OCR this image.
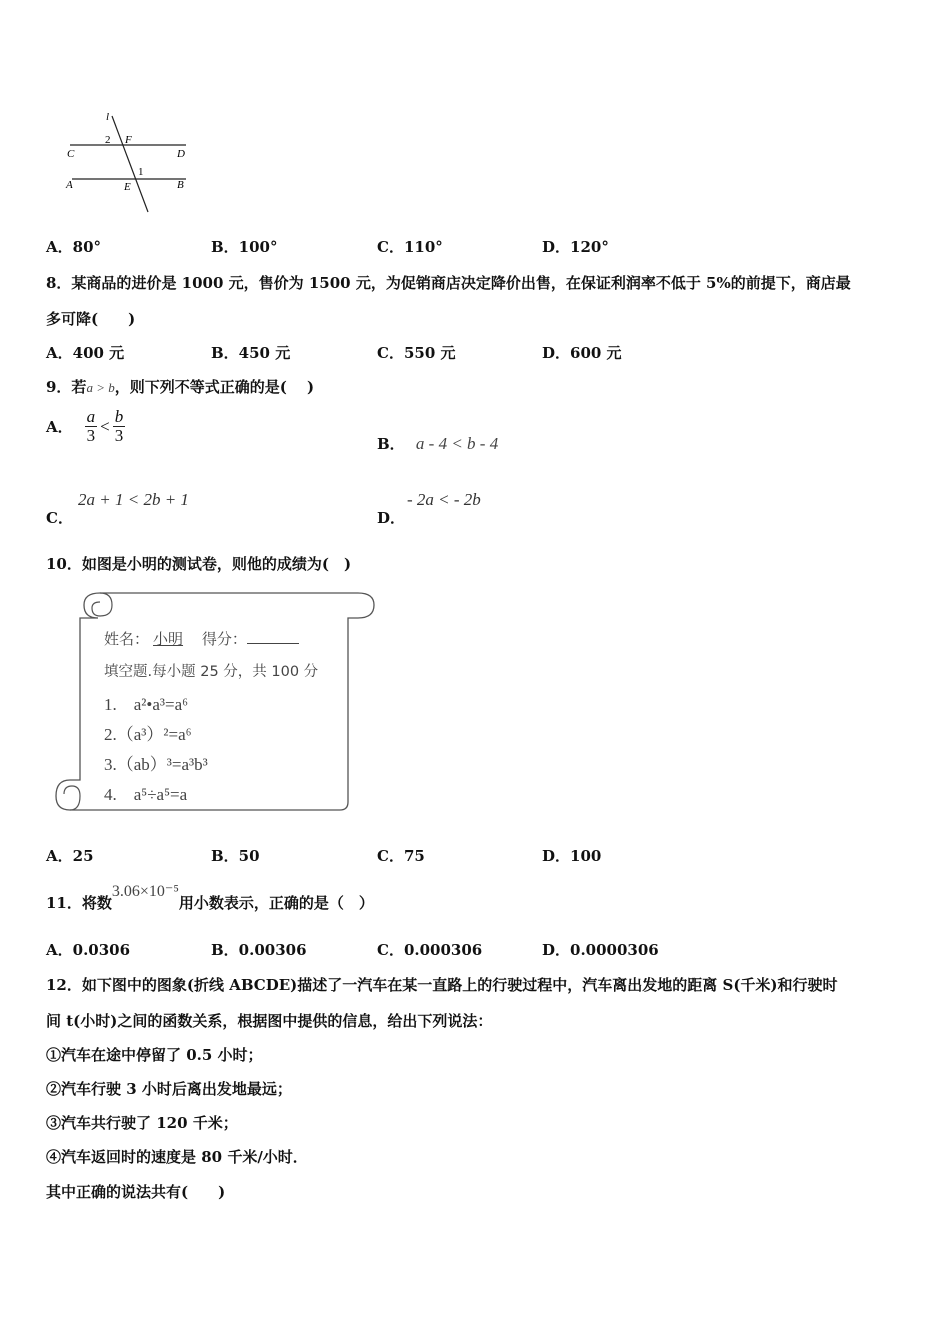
l
2 F
C	D
1
A	E	B
A．80°	B．100°	C．110°	D．120°
8．某商品的进价是 1000 元，售价为 1500 元，为促销商店决定降价出售，在保证利润率不低于 5%的前提下，商店最
多可降(　　)
A．400 元	B．450 元	C．550 元	D．600 元
9．若a > b，则下列不等式正确的是(　 )
A． $\frac{a}{3} < \frac{b}{3}$	B． a - 4 < b - 4
2a + 1 < 2b + 1
C．
- 2a < - 2b
D．
10．如图是小明的测试卷，则他的成绩为(　)
姓名： 小明 得分：
填空题.每小题 25 分，共 100 分
1.　a²•a³=a⁶
2.（a³）²=a⁶
3.（ab）³=a³b³
4.　a⁵÷a⁵=a
A．25	B．50	C．75	D．100
11．将数3.06×10⁻⁵用小数表示，正确的是（　）
A．0.0306	B．0.00306	C．0.000306	D．0.0000306
12．如下图中的图象(折线 ABCDE)描述了一汽车在某一直路上的行驶过程中，汽车离出发地的距离 S(千米)和行驶时
间 t(小时)之间的函数关系，根据图中提供的信息，给出下列说法：
①汽车在途中停留了 0.5 小时；
②汽车行驶 3 小时后离出发地最远；
③汽车共行驶了 120 千米；
④汽车返回时的速度是 80 千米/小时．
其中正确的说法共有(　　)
